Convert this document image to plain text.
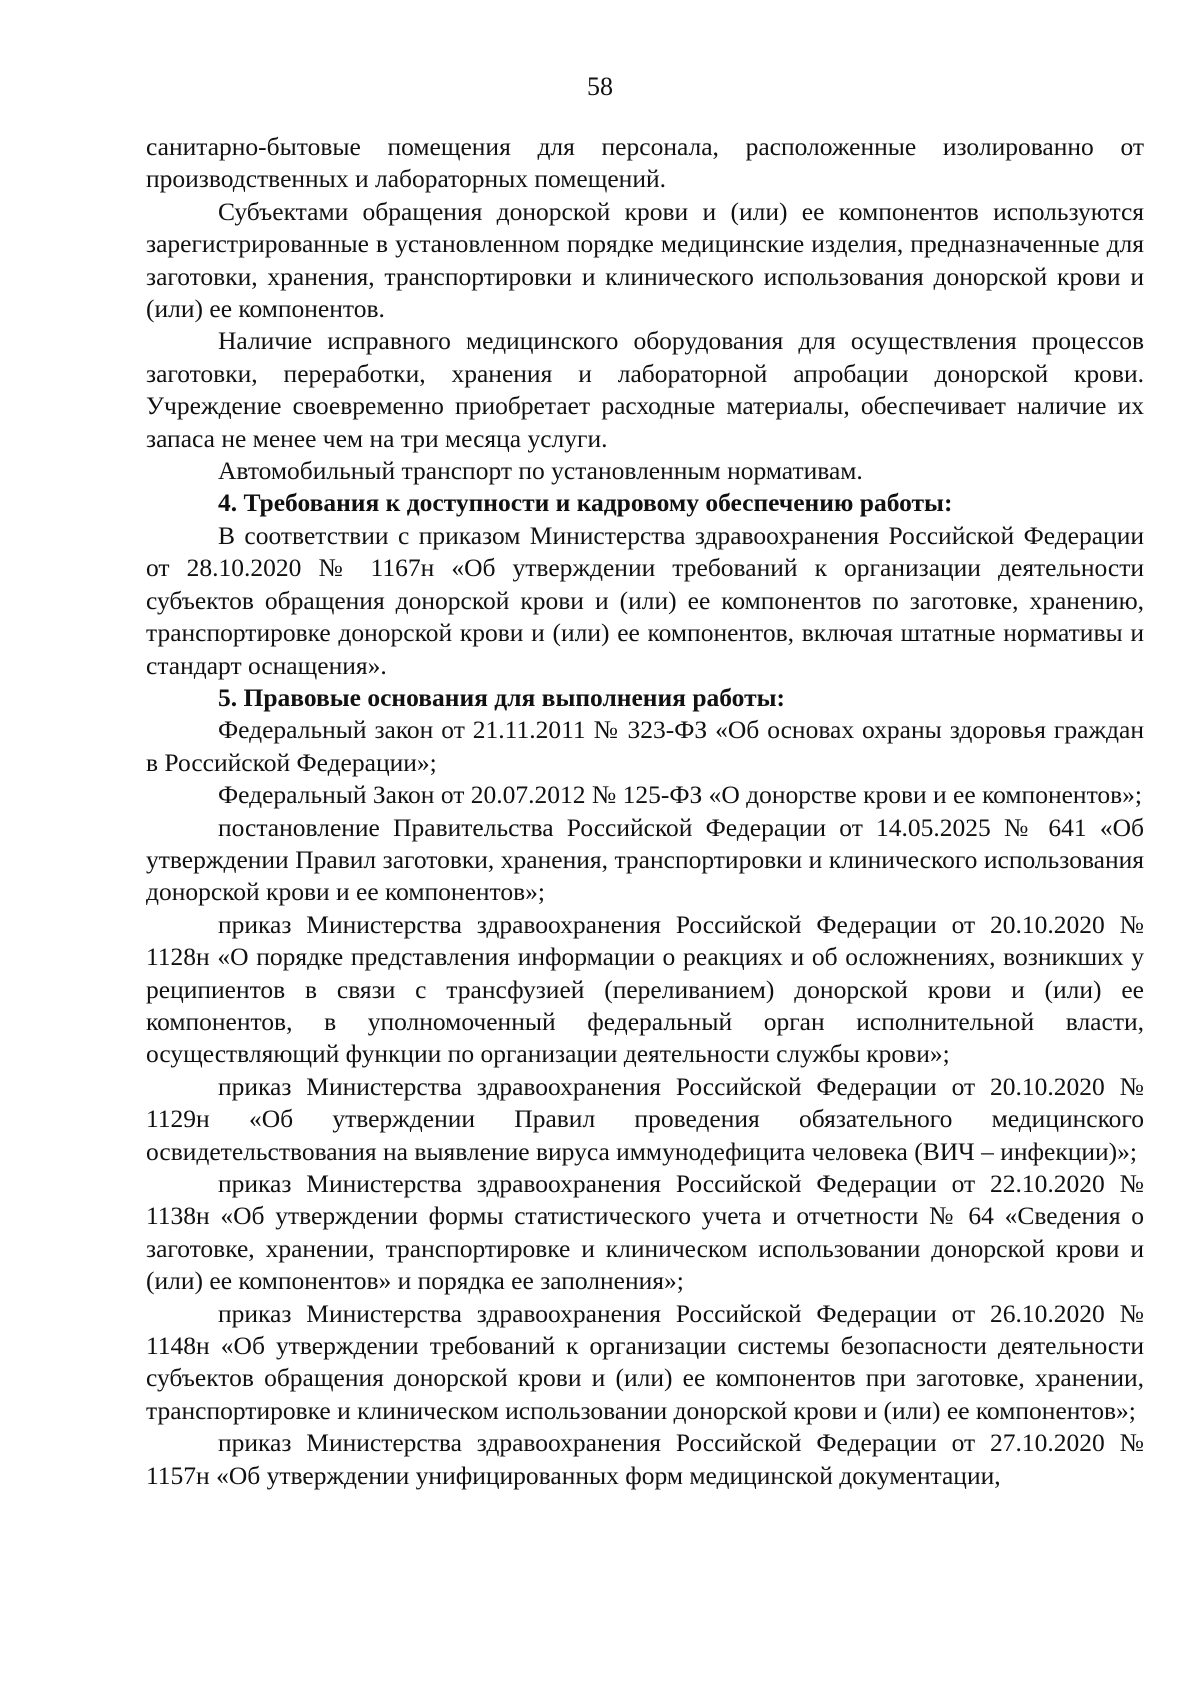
58

санитарно-бытовые помещения для персонала, расположенные изолированно от производственных и лабораторных помещений.

Субъектами обращения донорской крови и (или) ее компонентов используются зарегистрированные в установленном порядке медицинские изделия, предназначенные для заготовки, хранения, транспортировки и клинического использования донорской крови и (или) ее компонентов.

Наличие исправного медицинского оборудования для осуществления процессов заготовки, переработки, хранения и лабораторной апробации донорской крови. Учреждение своевременно приобретает расходные материалы, обеспечивает наличие их запаса не менее чем на три месяца услуги.

Автомобильный транспорт по установленным нормативам.

4. Требования к доступности и кадровому обеспечению работы:

В соответствии с приказом Министерства здравоохранения Российской Федерации от 28.10.2020 № 1167н «Об утверждении требований к организации деятельности субъектов обращения донорской крови и (или) ее компонентов по заготовке, хранению, транспортировке донорской крови и (или) ее компонентов, включая штатные нормативы и стандарт оснащения».

5. Правовые основания для выполнения работы:

Федеральный закон от 21.11.2011 № 323-ФЗ «Об основах охраны здоровья граждан в Российской Федерации»;

Федеральный Закон от 20.07.2012 № 125-ФЗ «О донорстве крови и ее компонентов»;

постановление Правительства Российской Федерации от 14.05.2025 № 641 «Об утверждении Правил заготовки, хранения, транспортировки и клинического использования донорской крови и ее компонентов»;

приказ Министерства здравоохранения Российской Федерации от 20.10.2020 № 1128н «О порядке представления информации о реакциях и об осложнениях, возникших у реципиентов в связи с трансфузией (переливанием) донорской крови и (или) ее компонентов, в уполномоченный федеральный орган исполнительной власти, осуществляющий функции по организации деятельности службы крови»;

приказ Министерства здравоохранения Российской Федерации от 20.10.2020 № 1129н «Об утверждении Правил проведения обязательного медицинского освидетельствования на выявление вируса иммунодефицита человека (ВИЧ – инфекции)»;

приказ Министерства здравоохранения Российской Федерации от 22.10.2020 № 1138н «Об утверждении формы статистического учета и отчетности № 64 «Сведения о заготовке, хранении, транспортировке и клиническом использовании донорской крови и (или) ее компонентов» и порядка ее заполнения»;

приказ Министерства здравоохранения Российской Федерации от 26.10.2020 № 1148н «Об утверждении требований к организации системы безопасности деятельности субъектов обращения донорской крови и (или) ее компонентов при заготовке, хранении, транспортировке и клиническом использовании донорской крови и (или) ее компонентов»;

приказ Министерства здравоохранения Российской Федерации от 27.10.2020 № 1157н «Об утверждении унифицированных форм медицинской документации,
